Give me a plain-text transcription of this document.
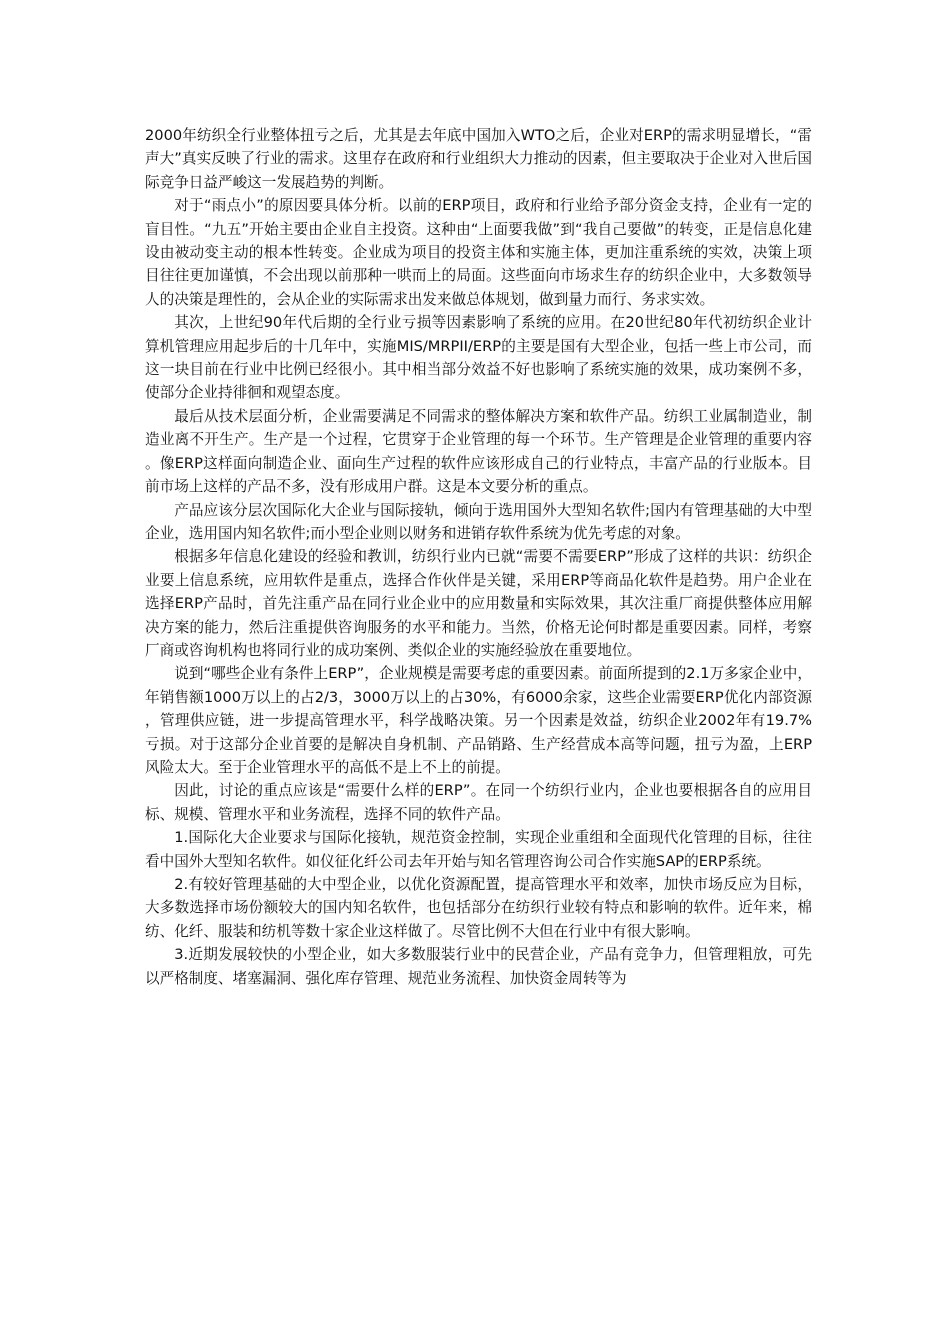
2000年纺织全行业整体扭亏之后，尤其是去年底中国加入WTO之后，企业对ERP的需求明显增长，“雷声大”真实反映了行业的需求。这里存在政府和行业组织大力推动的因素，但主要取决于企业对入世后国际竞争日益严峻这一发展趋势的判断。

对于“雨点小”的原因要具体分析。以前的ERP项目，政府和行业给予部分资金支持，企业有一定的盲目性。“九五”开始主要由企业自主投资。这种由“上面要我做”到“我自己要做”的转变，正是信息化建设由被动变主动的根本性转变。企业成为项目的投资主体和实施主体，更加注重系统的实效，决策上项目往往更加谨慎，不会出现以前那种一哄而上的局面。这些面向市场求生存的纺织企业中，大多数领导人的决策是理性的，会从企业的实际需求出发来做总体规划，做到量力而行、务求实效。

其次，上世纪90年代后期的全行业亏损等因素影响了系统的应用。在20世纪80年代初纺织企业计算机管理应用起步后的十几年中，实施MIS/MRPII/ERP的主要是国有大型企业，包括一些上市公司，而这一块目前在行业中比例已经很小。其中相当部分效益不好也影响了系统实施的效果，成功案例不多，使部分企业持徘徊和观望态度。

最后从技术层面分析，企业需要满足不同需求的整体解决方案和软件产品。纺织工业属制造业，制造业离不开生产。生产是一个过程，它贯穿于企业管理的每一个环节。生产管理是企业管理的重要内容。像ERP这样面向制造企业、面向生产过程的软件应该形成自己的行业特点，丰富产品的行业版本。目前市场上这样的产品不多，没有形成用户群。这是本文要分析的重点。

产品应该分层次国际化大企业与国际接轨，倾向于选用国外大型知名软件;国内有管理基础的大中型企业，选用国内知名软件;而小型企业则以财务和进销存软件系统为优先考虑的对象。

根据多年信息化建设的经验和教训，纺织行业内已就“需要不需要ERP”形成了这样的共识：纺织企业要上信息系统，应用软件是重点，选择合作伙伴是关键，采用ERP等商品化软件是趋势。用户企业在选择ERP产品时，首先注重产品在同行业企业中的应用数量和实际效果，其次注重厂商提供整体应用解决方案的能力，然后注重提供咨询服务的水平和能力。当然，价格无论何时都是重要因素。同样，考察厂商或咨询机构也将同行业的成功案例、类似企业的实施经验放在重要地位。

说到“哪些企业有条件上ERP”，企业规模是需要考虑的重要因素。前面所提到的2.1万多家企业中，年销售额1000万以上的占2/3，3000万以上的占30%，有6000余家，这些企业需要ERP优化内部资源，管理供应链，进一步提高管理水平，科学战略决策。另一个因素是效益，纺织企业2002年有19.7%亏损。对于这部分企业首要的是解决自身机制、产品销路、生产经营成本高等问题，扭亏为盈，上ERP风险太大。至于企业管理水平的高低不是上不上的前提。

因此，讨论的重点应该是“需要什么样的ERP”。在同一个纺织行业内，企业也要根据各自的应用目标、规模、管理水平和业务流程，选择不同的软件产品。

1.国际化大企业要求与国际化接轨，规范资金控制，实现企业重组和全面现代化管理的目标，往往看中国外大型知名软件。如仪征化纤公司去年开始与知名管理咨询公司合作实施SAP的ERP系统。

2.有较好管理基础的大中型企业，以优化资源配置，提高管理水平和效率，加快市场反应为目标，大多数选择市场份额较大的国内知名软件，也包括部分在纺织行业较有特点和影响的软件。近年来，棉纺、化纤、服装和纺机等数十家企业这样做了。尽管比例不大但在行业中有很大影响。

3.近期发展较快的小型企业，如大多数服装行业中的民营企业，产品有竞争力，但管理粗放，可先以严格制度、堵塞漏洞、强化库存管理、规范业务流程、加快资金周转等为
